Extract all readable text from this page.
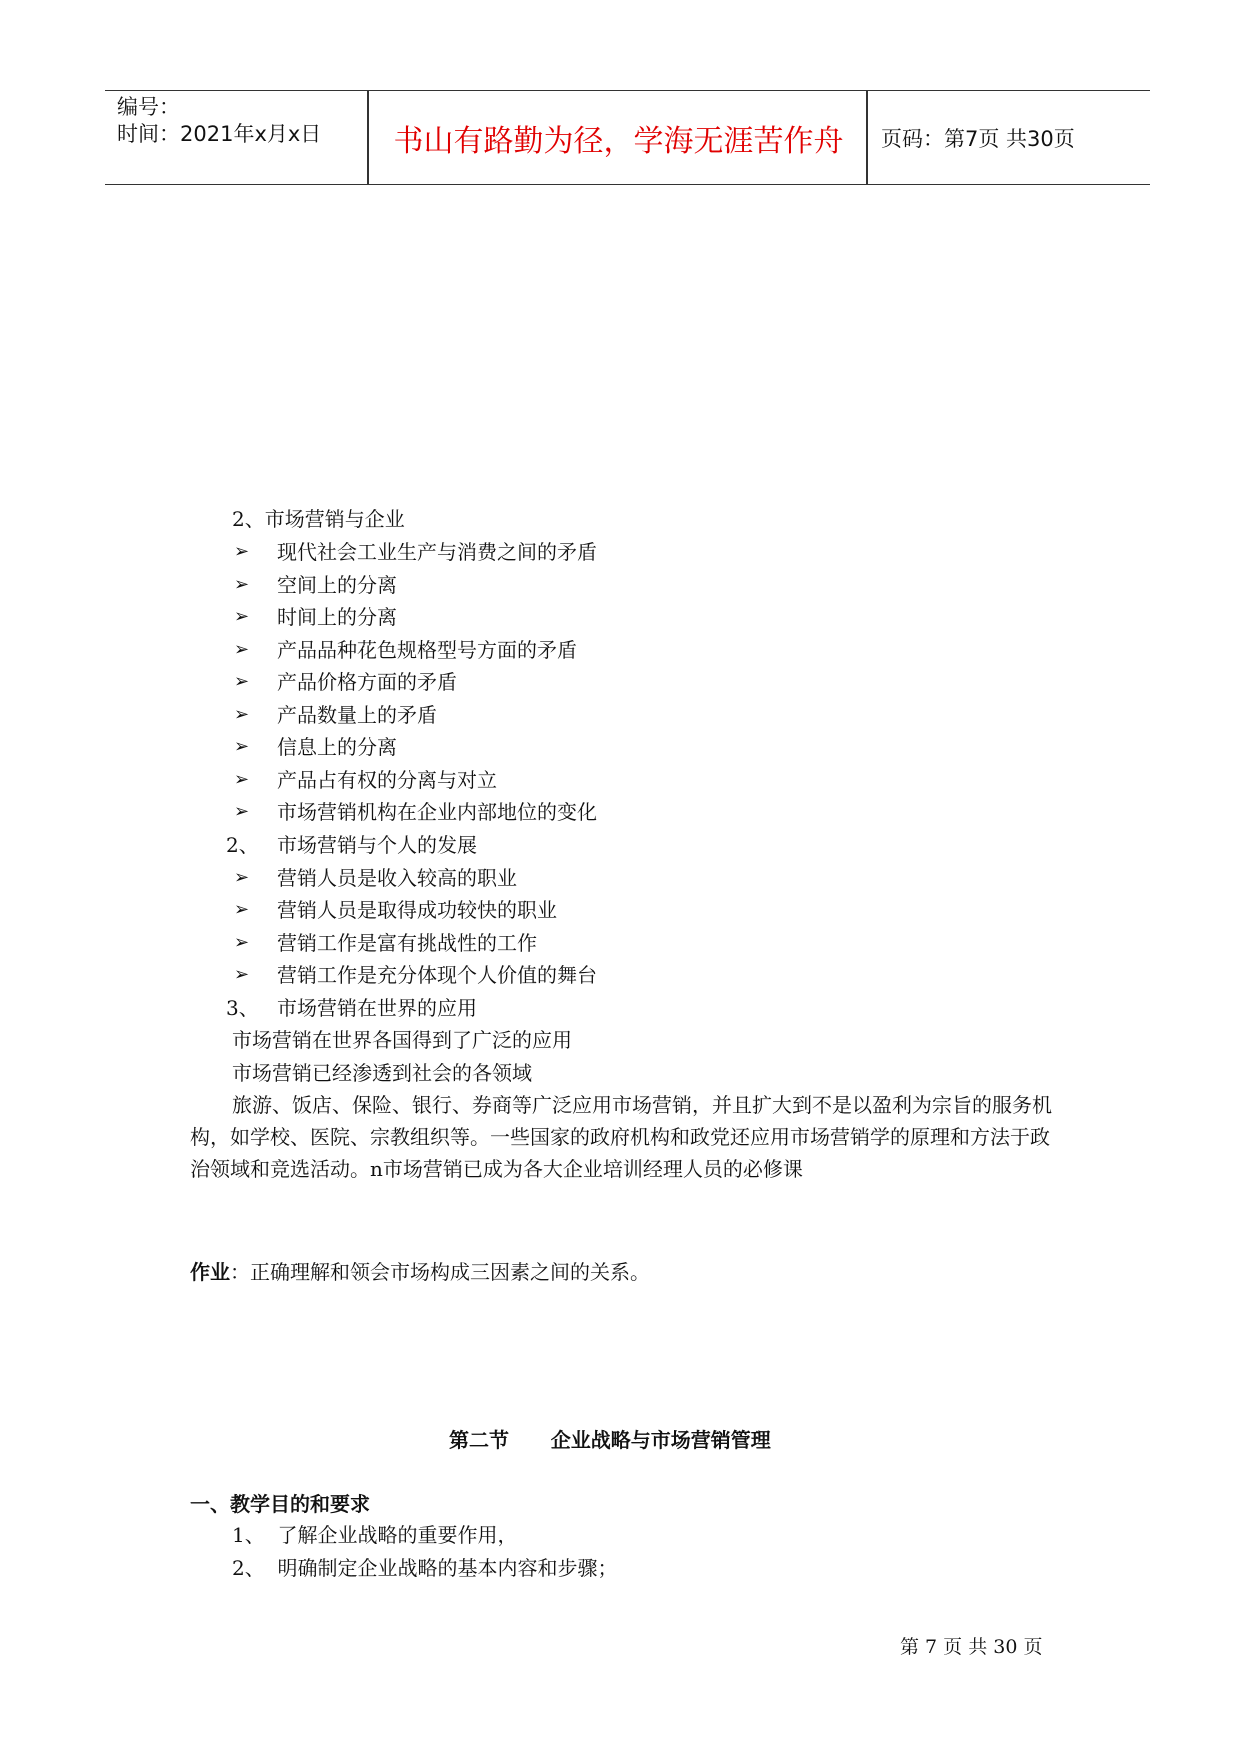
编号：
时间：2021年x月x日	书山有路勤为径，学海无涯苦作舟	页码：第7页 共30页
2、市场营销与企业
➢ 现代社会工业生产与消费之间的矛盾
➢ 空间上的分离
➢ 时间上的分离
➢ 产品品种花色规格型号方面的矛盾
➢ 产品价格方面的矛盾
➢ 产品数量上的矛盾
➢ 信息上的分离
➢ 产品占有权的分离与对立
➢ 市场营销机构在企业内部地位的变化
2、 市场营销与个人的发展
➢ 营销人员是收入较高的职业
➢ 营销人员是取得成功较快的职业
➢ 营销工作是富有挑战性的工作
➢ 营销工作是充分体现个人价值的舞台
3、 市场营销在世界的应用
市场营销在世界各国得到了广泛的应用
市场营销已经渗透到社会的各领域
旅游、饭店、保险、银行、券商等广泛应用市场营销，并且扩大到不是以盈利为宗旨的服务机构，如学校、医院、宗教组织等。一些国家的政府机构和政党还应用市场营销学的原理和方法于政治领域和竞选活动。n市场营销已成为各大企业培训经理人员的必修课
作业：正确理解和领会市场构成三因素之间的关系。
第二节      企业战略与市场营销管理
一、教学目的和要求
1、  了解企业战略的重要作用，
2、  明确制定企业战略的基本内容和步骤；
第 7 页 共 30 页
